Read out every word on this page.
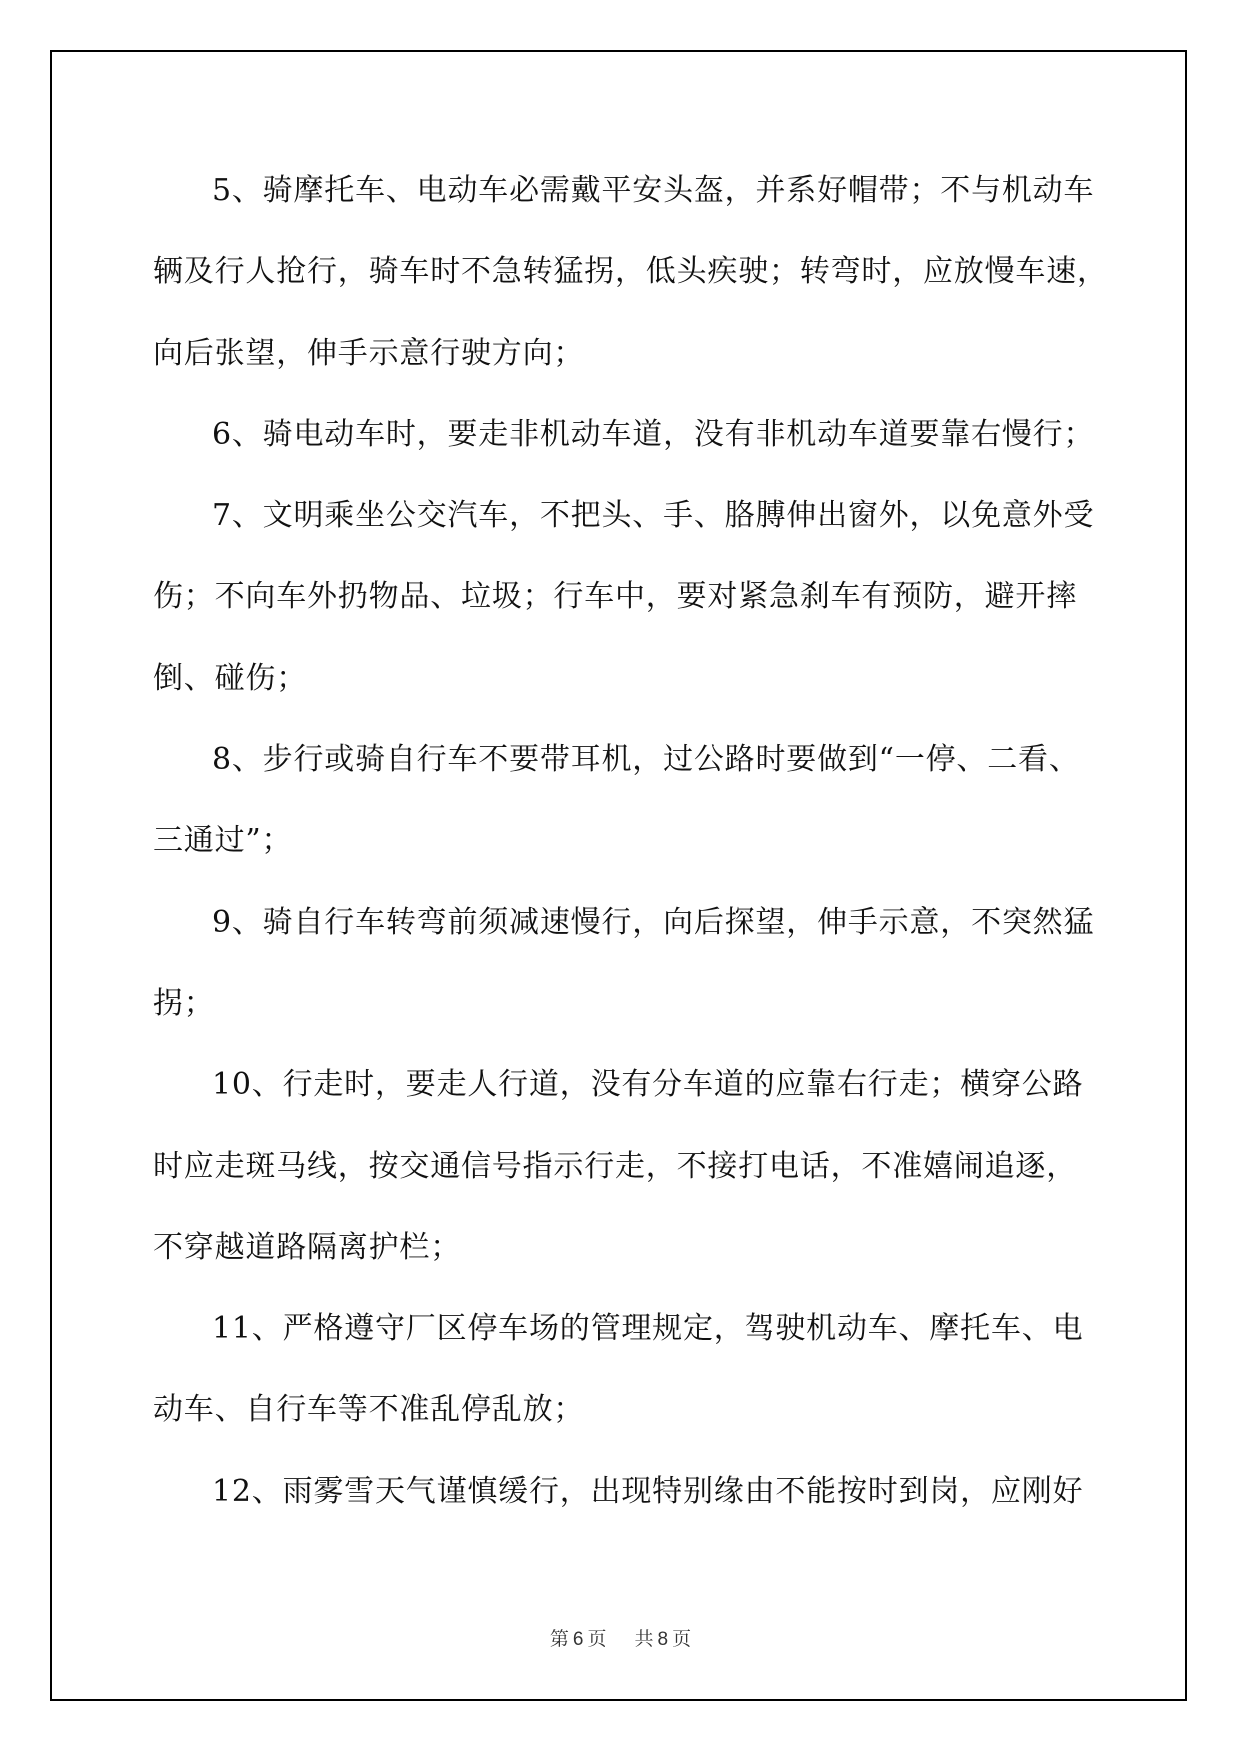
5、骑摩托车、电动车必需戴平安头盔，并系好帽带；不与机动车
辆及行人抢行，骑车时不急转猛拐，低头疾驶；转弯时，应放慢车速，
向后张望，伸手示意行驶方向；
6、骑电动车时，要走非机动车道，没有非机动车道要靠右慢行；
7、文明乘坐公交汽车，不把头、手、胳膊伸出窗外，以免意外受
伤；不向车外扔物品、垃圾；行车中，要对紧急刹车有预防，避开摔
倒、碰伤；
8、步行或骑自行车不要带耳机，过公路时要做到“一停、二看、
三通过”；
9、骑自行车转弯前须减速慢行，向后探望，伸手示意，不突然猛
拐；
10、行走时，要走人行道，没有分车道的应靠右行走；横穿公路
时应走斑马线，按交通信号指示行走，不接打电话，不准嬉闹追逐，
不穿越道路隔离护栏；
11、严格遵守厂区停车场的管理规定，驾驶机动车、摩托车、电
动车、自行车等不准乱停乱放；
12、雨雾雪天气谨慎缓行，出现特别缘由不能按时到岗，应刚好
第 6 页 共 8 页
